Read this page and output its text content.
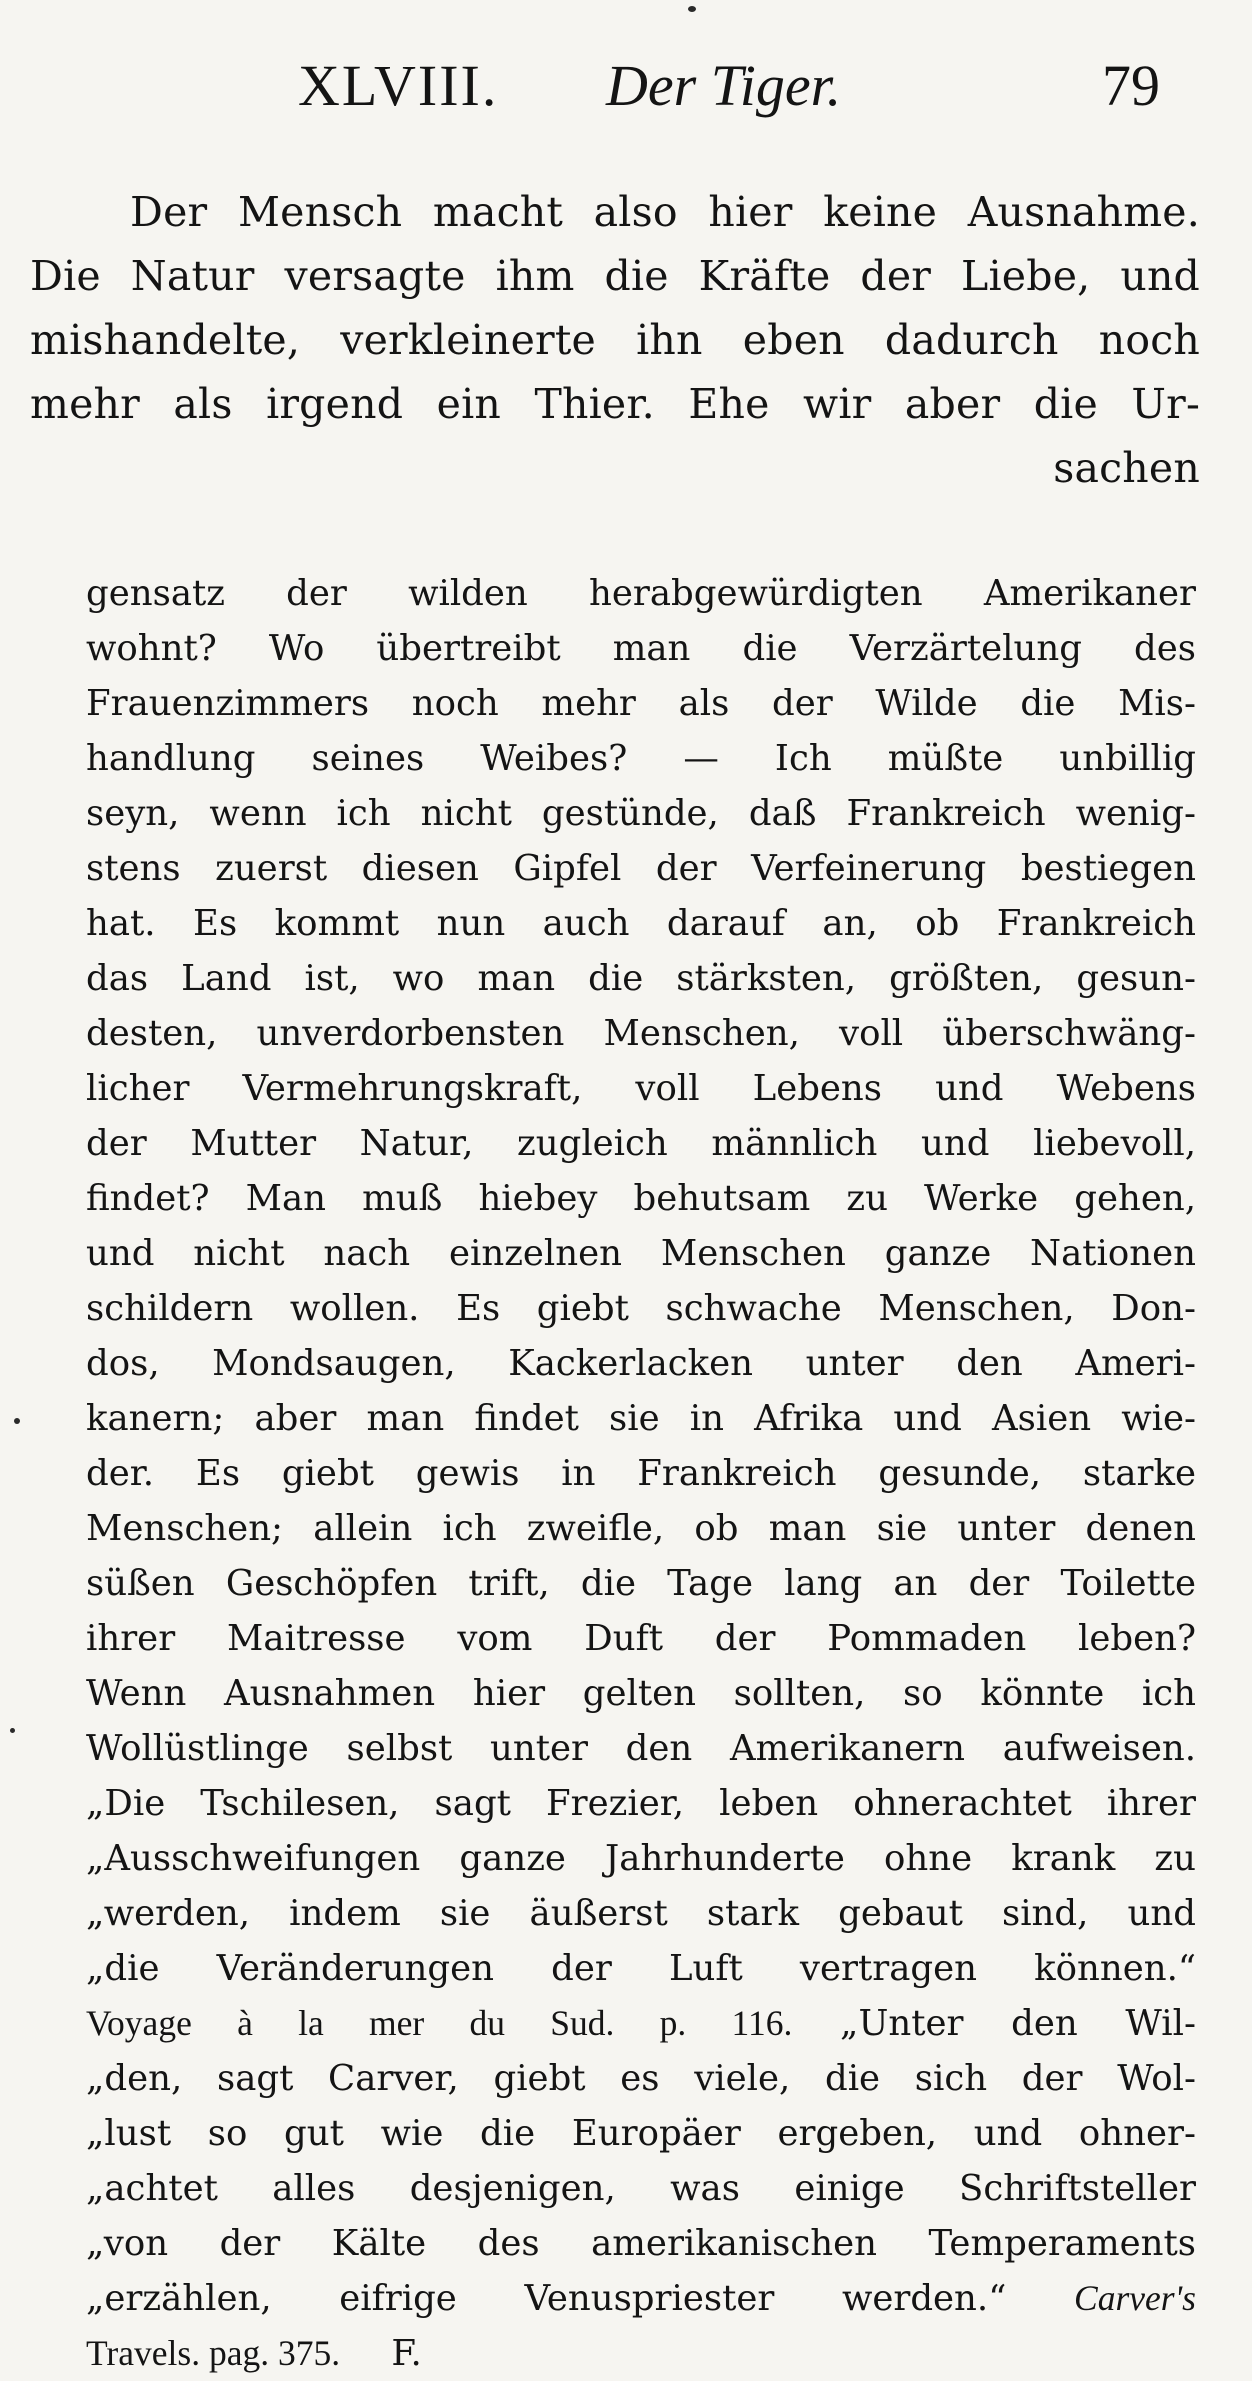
XLVIII. Der Tiger.	79
Der Mensch macht also hier keine Ausnahme.
Die Natur versagte ihm die Kräfte der Liebe, und
mishandelte, verkleinerte ihn eben dadurch noch
mehr als irgend ein Thier. Ehe wir aber die Ur-
sachen
gensatz der wilden herabgewürdigten Amerikaner
wohnt? Wo übertreibt man die Verzärtelung des
Frauenzimmers noch mehr als der Wilde die Mis-
handlung seines Weibes? — Ich müßte unbillig
seyn, wenn ich nicht gestünde, daß Frankreich wenig-
stens zuerst diesen Gipfel der Verfeinerung bestiegen
hat. Es kommt nun auch darauf an, ob Frankreich
das Land ist, wo man die stärksten, größten, gesun-
desten, unverdorbensten Menschen, voll überschwäng-
licher Vermehrungskraft, voll Lebens und Webens
der Mutter Natur, zugleich männlich und liebevoll,
findet? Man muß hiebey behutsam zu Werke gehen,
und nicht nach einzelnen Menschen ganze Nationen
schildern wollen. Es giebt schwache Menschen, Don-
dos, Mondsaugen, Kackerlacken unter den Ameri-
kanern; aber man findet sie in Afrika und Asien wie-
der. Es giebt gewis in Frankreich gesunde, starke
Menschen; allein ich zweifle, ob man sie unter denen
süßen Geschöpfen trift, die Tage lang an der Toilette
ihrer Maitresse vom Duft der Pommaden leben?
Wenn Ausnahmen hier gelten sollten, so könnte ich
Wollüstlinge selbst unter den Amerikanern aufweisen.
„Die Tschilesen, sagt Frezier, leben ohnerachtet ihrer
„Ausschweifungen ganze Jahrhunderte ohne krank zu
„werden, indem sie äußerst stark gebaut sind, und
„die Veränderungen der Luft vertragen können.“
Voyage à la mer du Sud. p. 116. „Unter den Wil-
„den, sagt Carver, giebt es viele, die sich der Wol-
„lust so gut wie die Europäer ergeben, und ohner-
„achtet alles desjenigen, was einige Schriftsteller
„von der Kälte des amerikanischen Temperaments
„erzählen, eifrige Venuspriester werden.“ Carver's
Travels. pag. 375. F.
